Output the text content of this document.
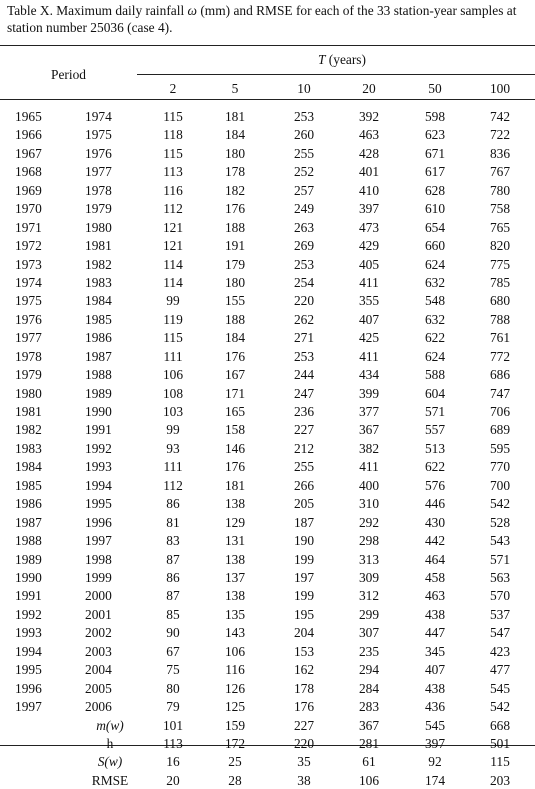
Table X. Maximum daily rainfall ω (mm) and RMSE for each of the 33 station-year samples at station number 25036 (case 4).
Period
T (years)
2	5	10	20	50	100
1965	1974	115	181	253	392	598	742
1966	1975	118	184	260	463	623	722
1967	1976	115	180	255	428	671	836
1968	1977	113	178	252	401	617	767
1969	1978	116	182	257	410	628	780
1970	1979	112	176	249	397	610	758
1971	1980	121	188	263	473	654	765
1972	1981	121	191	269	429	660	820
1973	1982	114	179	253	405	624	775
1974	1983	114	180	254	411	632	785
1975	1984	99	155	220	355	548	680
1976	1985	119	188	262	407	632	788
1977	1986	115	184	271	425	622	761
1978	1987	111	176	253	411	624	772
1979	1988	106	167	244	434	588	686
1980	1989	108	171	247	399	604	747
1981	1990	103	165	236	377	571	706
1982	1991	99	158	227	367	557	689
1983	1992	93	146	212	382	513	595
1984	1993	111	176	255	411	622	770
1985	1994	112	181	266	400	576	700
1986	1995	86	138	205	310	446	542
1987	1996	81	129	187	292	430	528
1988	1997	83	131	190	298	442	543
1989	1998	87	138	199	313	464	571
1990	1999	86	137	197	309	458	563
1991	2000	87	138	199	312	463	570
1992	2001	85	135	195	299	438	537
1993	2002	90	143	204	307	447	547
1994	2003	67	106	153	235	345	423
1995	2004	75	116	162	294	407	477
1996	2005	80	126	178	284	438	545
1997	2006	79	125	176	283	436	542
m(w)	101	159	227	367	545	668
h	113	172	220	281	397	501
S(w)	16	25	35	61	92	115
RMSE	20	28	38	106	174	203
